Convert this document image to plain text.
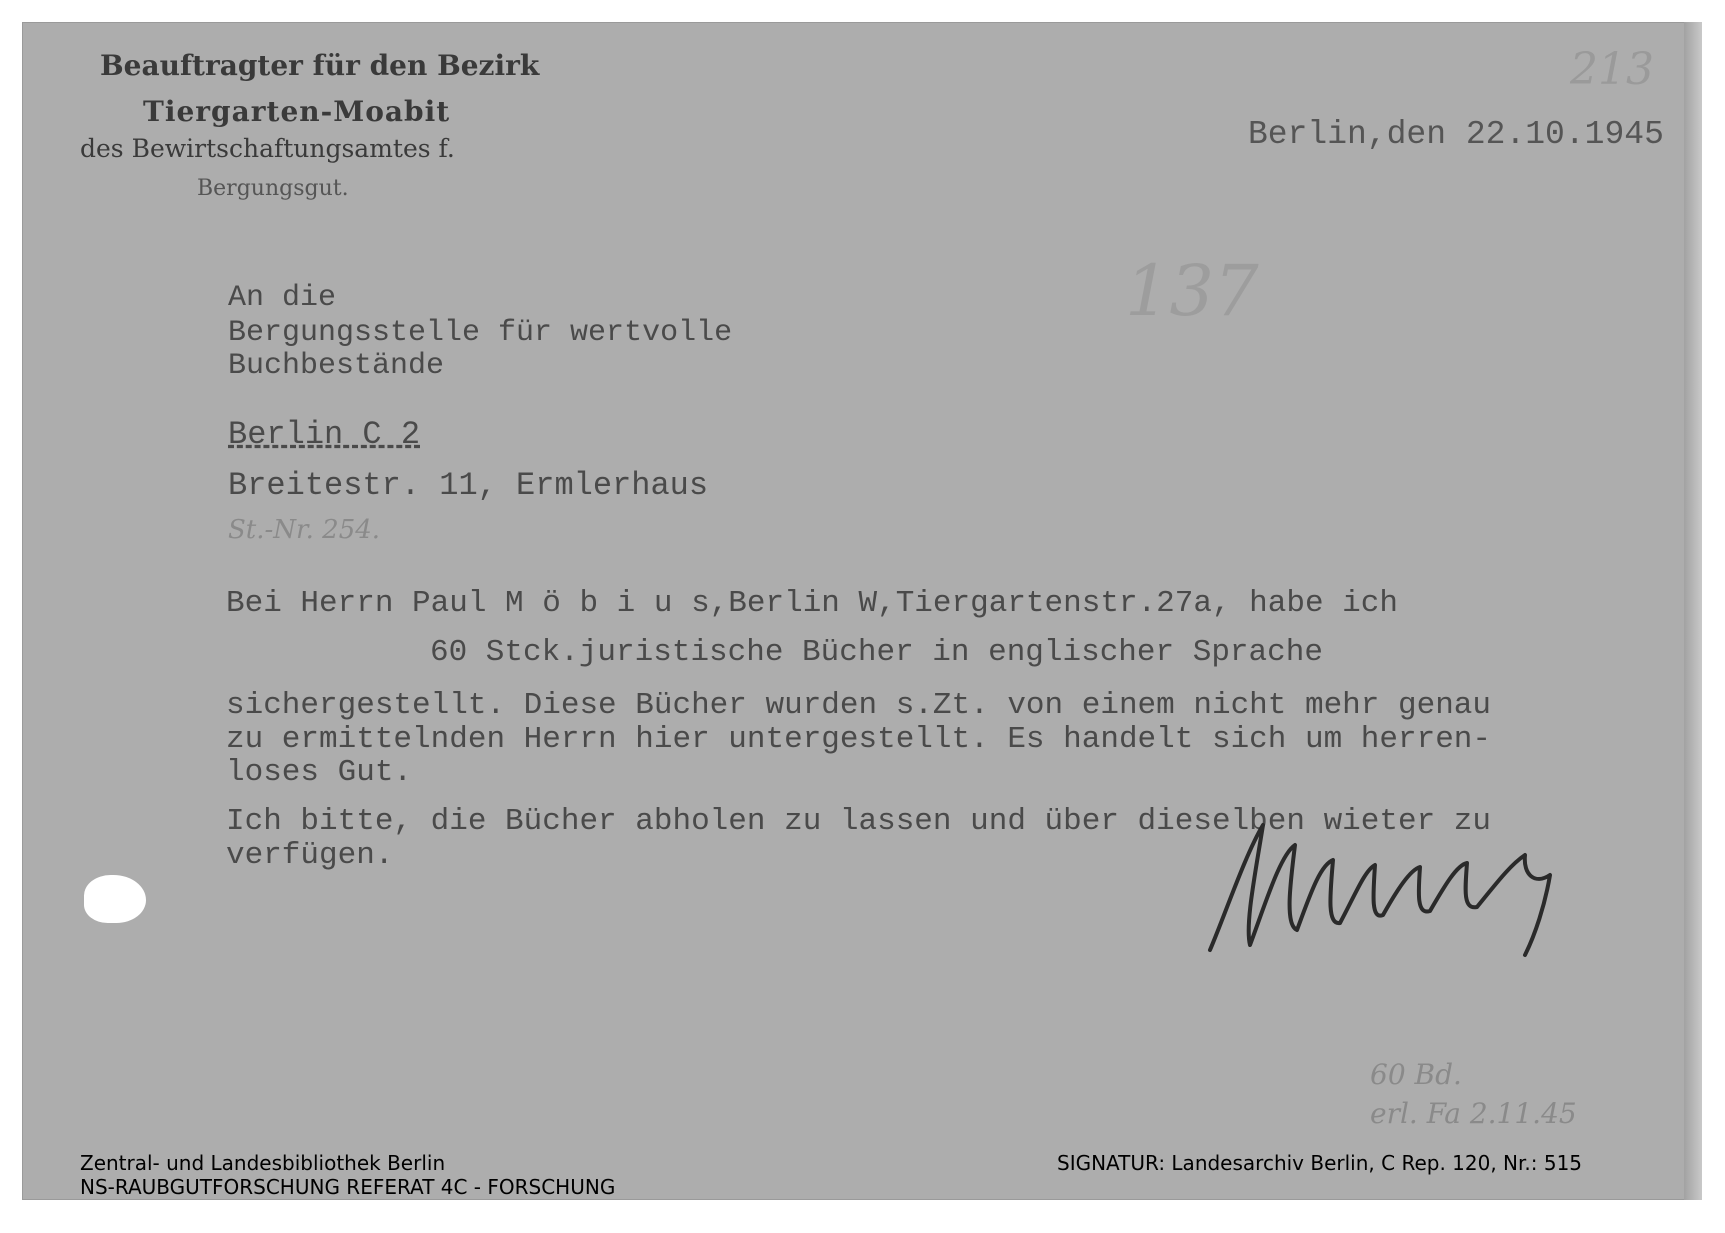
Beauftragter für den Bezirk
Tiergarten-Moabit
des Bewirtschaftungsamtes f.
Bergungsgut.
213
137
St.-Nr. 254.
60 Bd.
erl. Fa 2.11.45
Berlin,den 22.10.1945
An die
Bergungsstelle für wertvolle
Buchbestände
Berlin C 2
Breitestr. 11, Ermlerhaus
Bei Herrn Paul M ö b i u s,Berlin W,Tiergartenstr.27a, habe ich
60 Stck.juristische Bücher in englischer Sprache
sichergestellt. Diese Bücher wurden s.Zt. von einem nicht mehr genau
zu ermittelnden Herrn hier untergestellt. Es handelt sich um herren-
loses Gut.
Ich bitte, die Bücher abholen zu lassen und über dieselben wieter zu
verfügen.
Zentral- und Landesbibliothek Berlin
NS-RAUBGUTFORSCHUNG REFERAT 4C - FORSCHUNG
SIGNATUR: Landesarchiv Berlin, C Rep. 120, Nr.: 515
